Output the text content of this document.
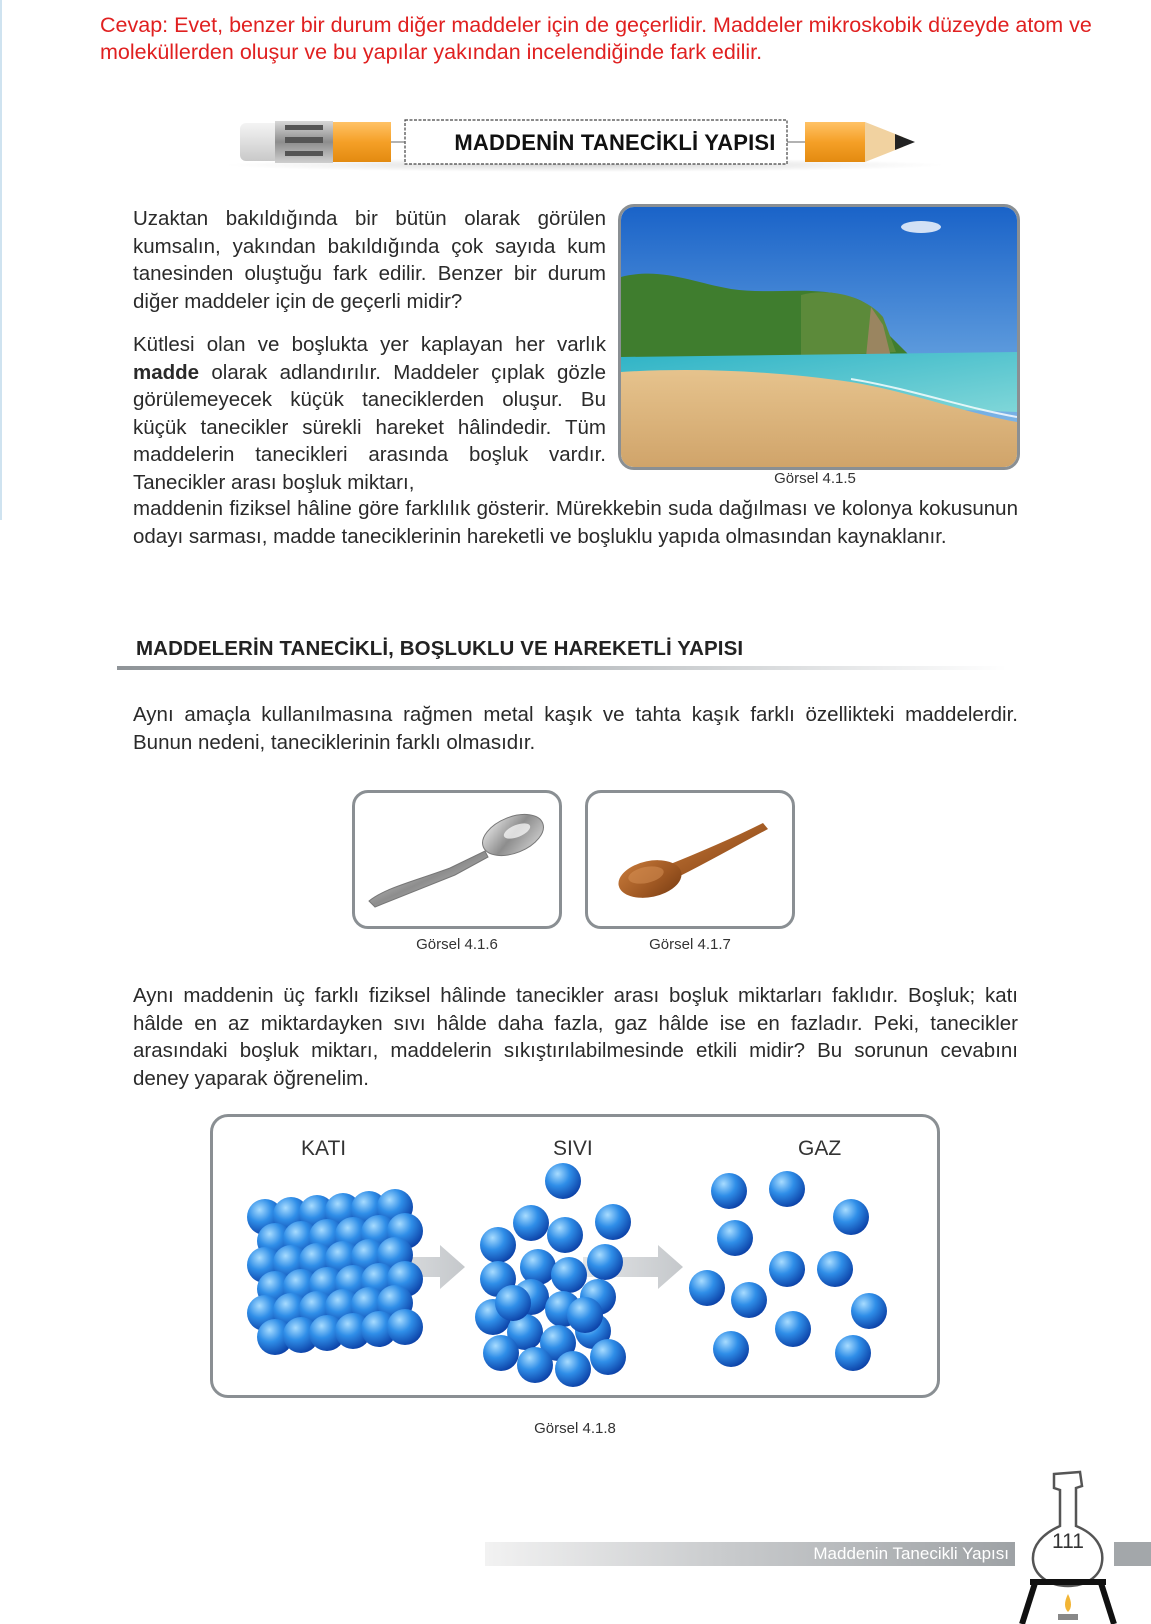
Cevap: Evet, benzer bir durum diğer maddeler için de geçerlidir. Maddeler mikroskobik düzeyde atom ve moleküllerden oluşur ve bu yapılar yakından incelendiğinde fark edilir.
MADDENİN TANECİKLİ YAPISI
Uzaktan bakıldığında bir bütün olarak görülen kumsalın, yakından bakıldığında çok sayıda kum tanesinden oluştuğu fark edilir. Benzer bir durum diğer maddeler için de geçerli midir?
Kütlesi olan ve boşlukta yer kaplayan her varlık madde olarak adlandırılır. Maddeler çıplak gözle görülemeyecek küçük taneciklerden oluşur. Bu küçük tanecikler sürekli hareket hâlindedir. Tüm maddelerin tanecikleri arasında boşluk vardır. Tanecikler arası boşluk miktarı,
maddenin fiziksel hâline göre farklılık gösterir. Mürekkebin suda dağılması ve kolonya kokusunun odayı sarması, madde taneciklerinin hareketli ve boşluklu yapıda olmasından kaynaklanır.
Görsel 4.1.5
MADDELERİN TANECİKLİ, BOŞLUKLU VE HAREKETLİ YAPISI
Aynı amaçla kullanılmasına rağmen metal kaşık ve tahta kaşık farklı özellikteki maddelerdir. Bunun nedeni, taneciklerinin farklı olmasıdır.
Görsel 4.1.6	Görsel 4.1.7
Aynı maddenin üç farklı fiziksel hâlinde tanecikler arası boşluk miktarları faklıdır. Boşluk; katı hâlde en az miktardayken sıvı hâlde daha fazla, gaz hâlde ise en fazladır. Peki, tanecikler arasındaki boşluk miktarı, maddelerin sıkıştırılabilmesinde etkili midir? Bu sorunun cevabını deney yaparak öğrenelim.
KATI	SIVI	GAZ
Görsel 4.1.8
Maddenin Tanecikli Yapısı
111
